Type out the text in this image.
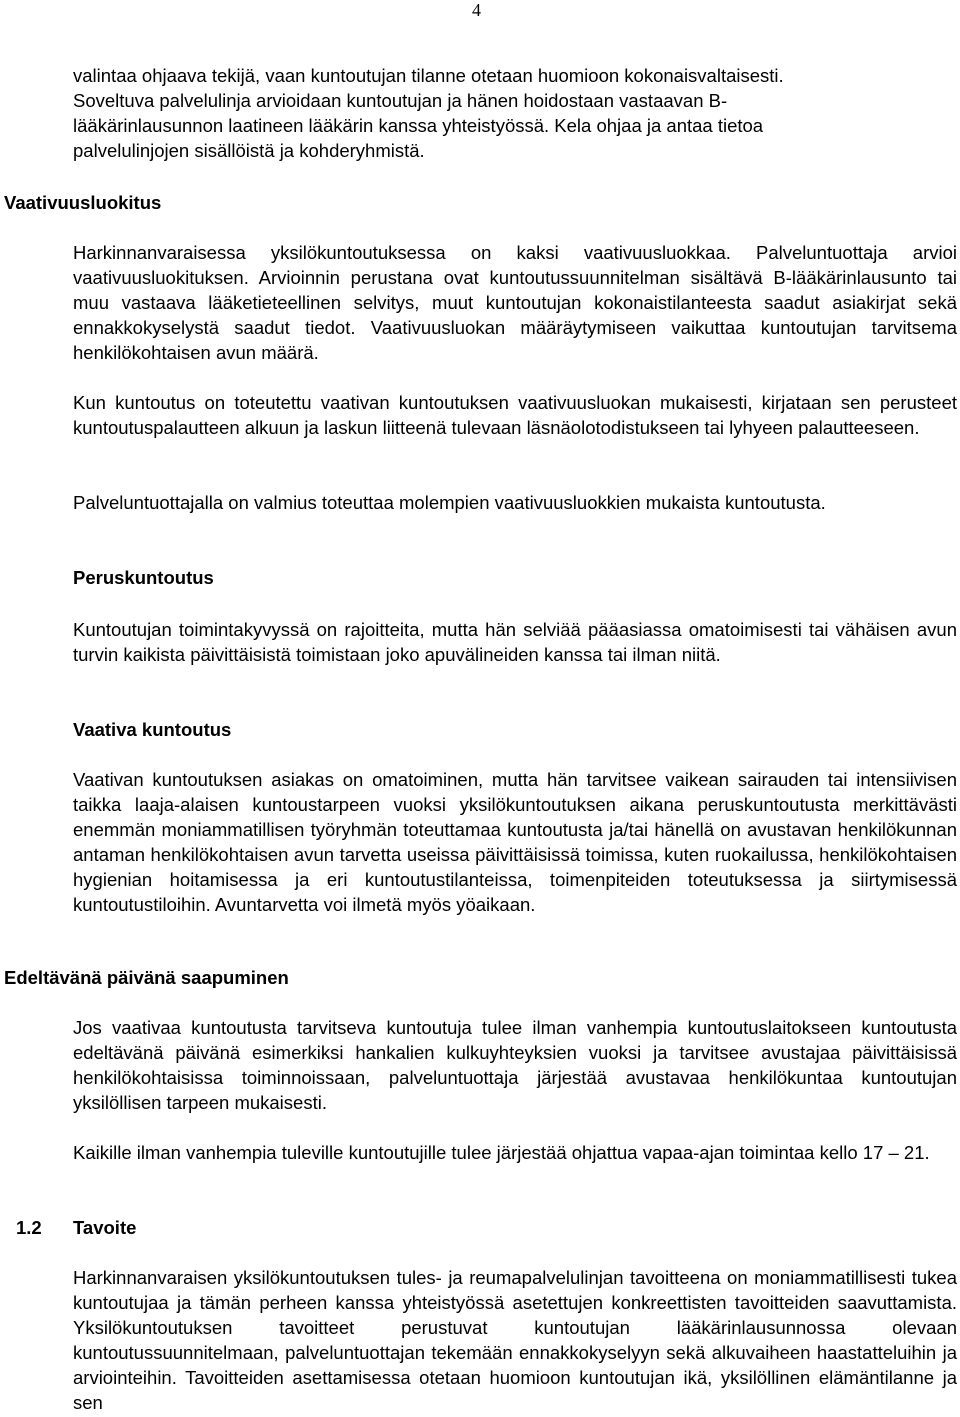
4
valintaa ohjaava tekijä, vaan kuntoutujan tilanne otetaan huomioon kokonaisvaltaisesti.
Soveltuva palvelulinja arvioidaan kuntoutujan ja hänen hoidostaan vastaavan B-
lääkärinlausunnon laatineen lääkärin kanssa yhteistyössä. Kela ohjaa ja antaa tietoa
palvelulinjojen sisällöistä ja kohderyhmistä.
Vaativuusluokitus

Harkinnanvaraisessa yksilökuntoutuksessa on kaksi vaativuusluokkaa. Palveluntuottaja arvioi vaativuusluokituksen. Arvioinnin perustana ovat kuntoutussuunnitelman sisältävä B-lääkärinlausunto tai muu vastaava lääketieteellinen selvitys, muut kuntoutujan kokonaistilanteesta saadut asiakirjat sekä ennakkokyselystä saadut tiedot. Vaativuusluokan määräytymiseen vaikuttaa kuntoutujan tarvitsema henkilökohtaisen avun määrä.

Kun kuntoutus on toteutettu vaativan kuntoutuksen vaativuusluokan mukaisesti, kirjataan sen perusteet kuntoutuspalautteen alkuun ja laskun liitteenä tulevaan läsnäolotodistukseen tai lyhyeen palautteeseen.

Palveluntuottajalla on valmius toteuttaa molempien vaativuusluokkien mukaista kuntoutusta.

Peruskuntoutus

Kuntoutujan toimintakyvyssä on rajoitteita, mutta hän selviää pääasiassa omatoimisesti tai vähäisen avun turvin kaikista päivittäisistä toimistaan joko apuvälineiden kanssa tai ilman niitä.

Vaativa kuntoutus

Vaativan kuntoutuksen asiakas on omatoiminen, mutta hän tarvitsee vaikean sairauden tai intensiivisen taikka laaja-alaisen kuntoustarpeen vuoksi yksilökuntoutuksen aikana peruskuntoutusta merkittävästi enemmän moniammatillisen työryhmän toteuttamaa kuntoutusta ja/tai hänellä on avustavan henkilökunnan antaman henkilökohtaisen avun tarvetta useissa päivittäisissä toimissa, kuten ruokailussa, henkilökohtaisen hygienian hoitamisessa ja eri kuntoutustilanteissa, toimenpiteiden toteutuksessa ja siirtymisessä kuntoutustiloihin. Avuntarvetta voi ilmetä myös yöaikaan.

Edeltävänä päivänä saapuminen

Jos vaativaa kuntoutusta tarvitseva kuntoutuja tulee ilman vanhempia kuntoutuslaitokseen kuntoutusta edeltävänä päivänä esimerkiksi hankalien kulkuyhteyksien vuoksi ja tarvitsee avustajaa päivittäisissä henkilökohtaisissa toiminnoissaan, palveluntuottaja järjestää avustavaa henkilökuntaa kuntoutujan yksilöllisen tarpeen mukaisesti.

Kaikille ilman vanhempia tuleville kuntoutujille tulee järjestää ohjattua vapaa-ajan toimintaa kello 17 – 21.

1.2 Tavoite

Harkinnanvaraisen yksilökuntoutuksen tules- ja reumapalvelulinjan tavoitteena on moniammatillisesti tukea kuntoutujaa ja tämän perheen kanssa yhteistyössä asetettujen konkreettisten tavoitteiden saavuttamista. Yksilökuntoutuksen tavoitteet perustuvat kuntoutujan lääkärinlausunnossa olevaan kuntoutussuunnitelmaan, palveluntuottajan tekemään ennakkokyselyyn sekä alkuvaiheen haastatteluihin ja arviointeihin. Tavoitteiden asettamisessa otetaan huomioon kuntoutujan ikä, yksilöllinen elämäntilanne ja sen
